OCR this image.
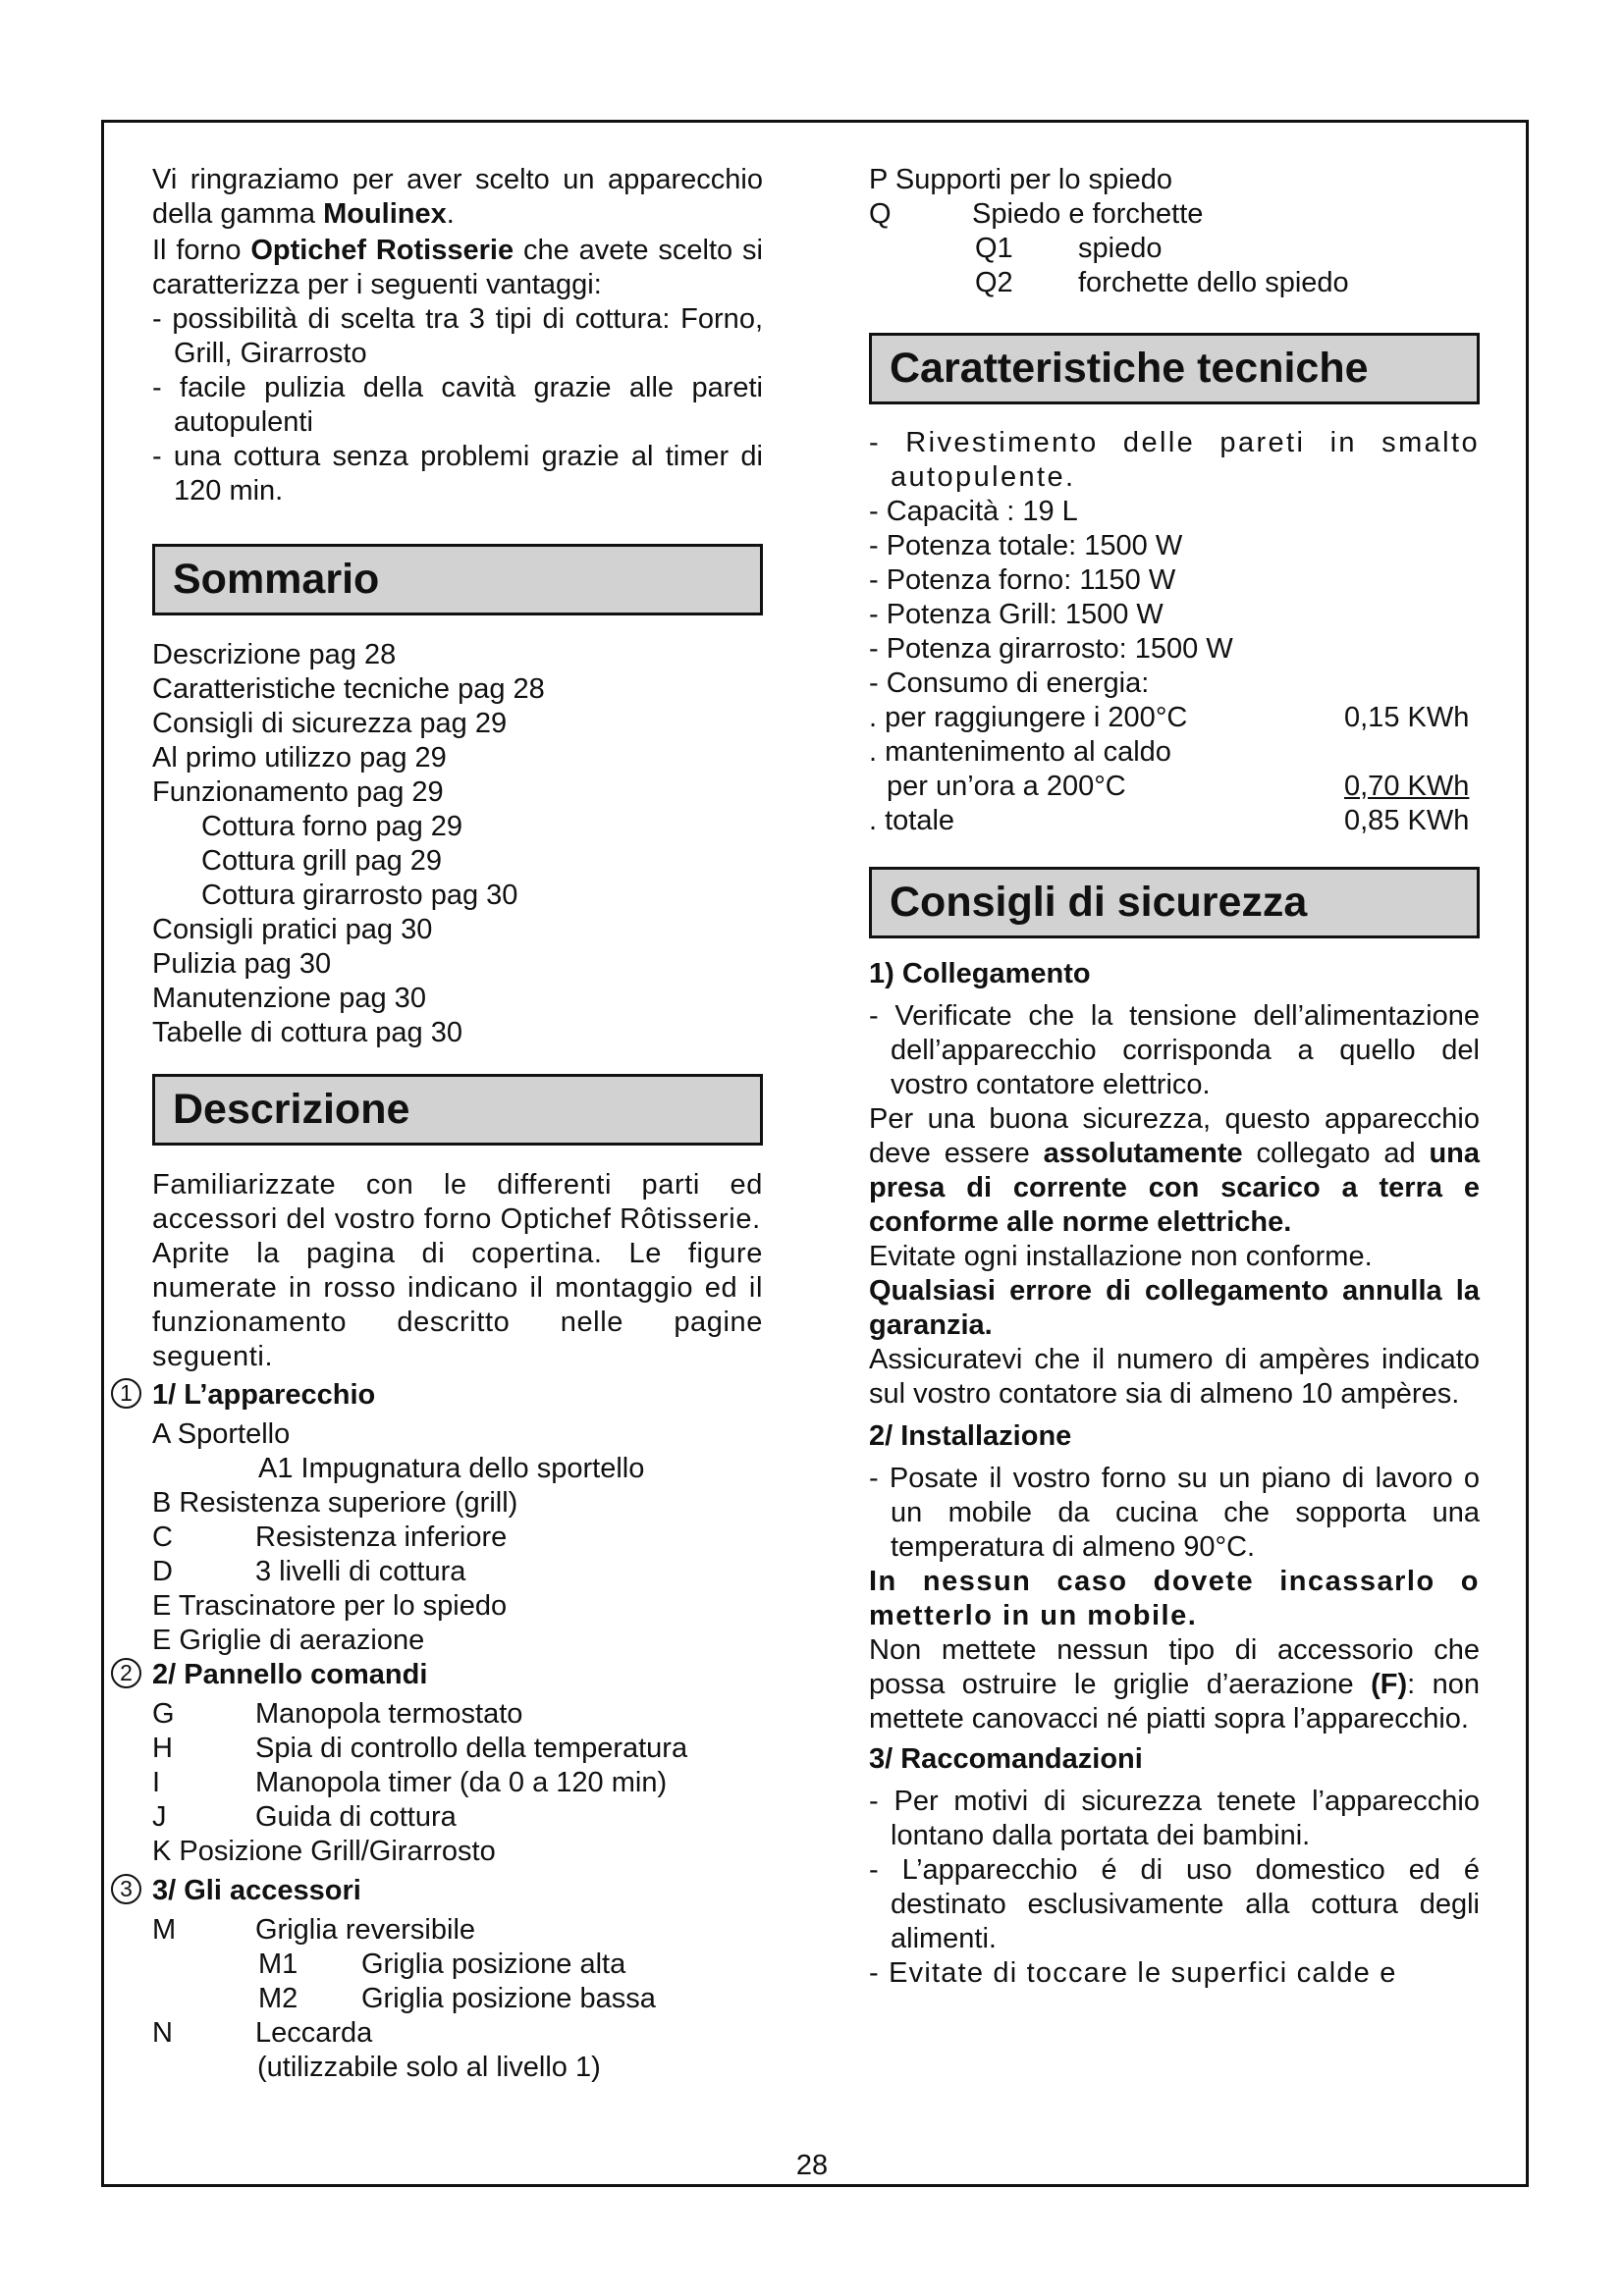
Vi ringraziamo per aver scelto un apparecchio della gamma Moulinex.

Il forno Optichef Rotisserie che avete scelto si caratterizza per i seguenti vantaggi:

- possibilità di scelta tra 3 tipi di cottura: Forno, Grill, Girarrosto

- facile pulizia della cavità grazie alle pareti autopulenti

- una cottura senza problemi grazie al timer di 120 min.

Sommario

Descrizione pag 28

Caratteristiche tecniche pag 28

Consigli di sicurezza pag 29

Al primo utilizzo pag 29

Funzionamento pag 29

Cottura forno pag 29

Cottura grill pag 29

Cottura girarrosto pag 30

Consigli pratici pag 30

Pulizia pag 30

Manutenzione pag 30

Tabelle di cottura pag 30

Descrizione

Familiarizzate con le differenti parti ed accessori del vostro forno Optichef Rôtisserie.

Aprite la pagina di copertina. Le figure numerate in rosso indicano il montaggio ed il funzionamento descritto nelle pagine seguenti.

1 1/ L’apparecchio

A Sportello

A1 Impugnatura dello sportello

B Resistenza superiore (grill)

C	Resistenza inferiore
D	3 livelli di cottura

E Trascinatore per lo spiedo

E Griglie di aerazione

2 2/ Pannello comandi

G	Manopola termostato
H	Spia di controllo della temperatura
I	Manopola timer (da 0 a 120 min)
J	Guida di cottura

K Posizione Grill/Girarrosto

3 3/ Gli accessori

M	Griglia reversibile
M1	Griglia posizione alta
M2	Griglia posizione bassa
N	Leccarda

(utilizzabile solo al livello 1)

P Supporti per lo spiedo

Q	Spiedo e forchette
Q1	spiedo
Q2	forchette dello spiedo
Caratteristiche tecniche

- Rivestimento delle pareti in smalto autopulente.

- Capacità : 19 L

- Potenza totale: 1500 W

- Potenza forno: 1150 W

- Potenza Grill: 1500 W

- Potenza girarrosto: 1500 W

- Consumo di energia:

. per raggiungere i 200°C	0,15 KWh

. mantenimento al caldo

per un’ora a 200°C	0,70 KWh
. totale	0,85 KWh
Consigli di sicurezza

1) Collegamento

- Verificate che la tensione dell’alimentazione dell’apparecchio corrisponda a quello del vostro contatore elettrico.

Per una buona sicurezza, questo apparecchio deve essere assolutamente collegato ad una presa di corrente con scarico a terra e conforme alle norme elettriche.

Evitate ogni installazione non conforme.

Qualsiasi errore di collegamento annulla la garanzia.

Assicuratevi che il numero di ampères indicato sul vostro contatore sia di almeno 10 ampères.

2/ Installazione

- Posate il vostro forno su un piano di lavoro o un mobile da cucina che sopporta una temperatura di almeno 90°C.

In nessun caso dovete incassarlo o metterlo in un mobile.

Non mettete nessun tipo di accessorio che possa ostruire le griglie d’aerazione (F): non mettete canovacci né piatti sopra l’apparecchio.

3/ Raccomandazioni

- Per motivi di sicurezza tenete l’apparecchio lontano dalla portata dei bambini.

- L’apparecchio é di uso domestico ed é destinato esclusivamente alla cottura degli alimenti.

- Evitate di toccare le superfici calde e

28
